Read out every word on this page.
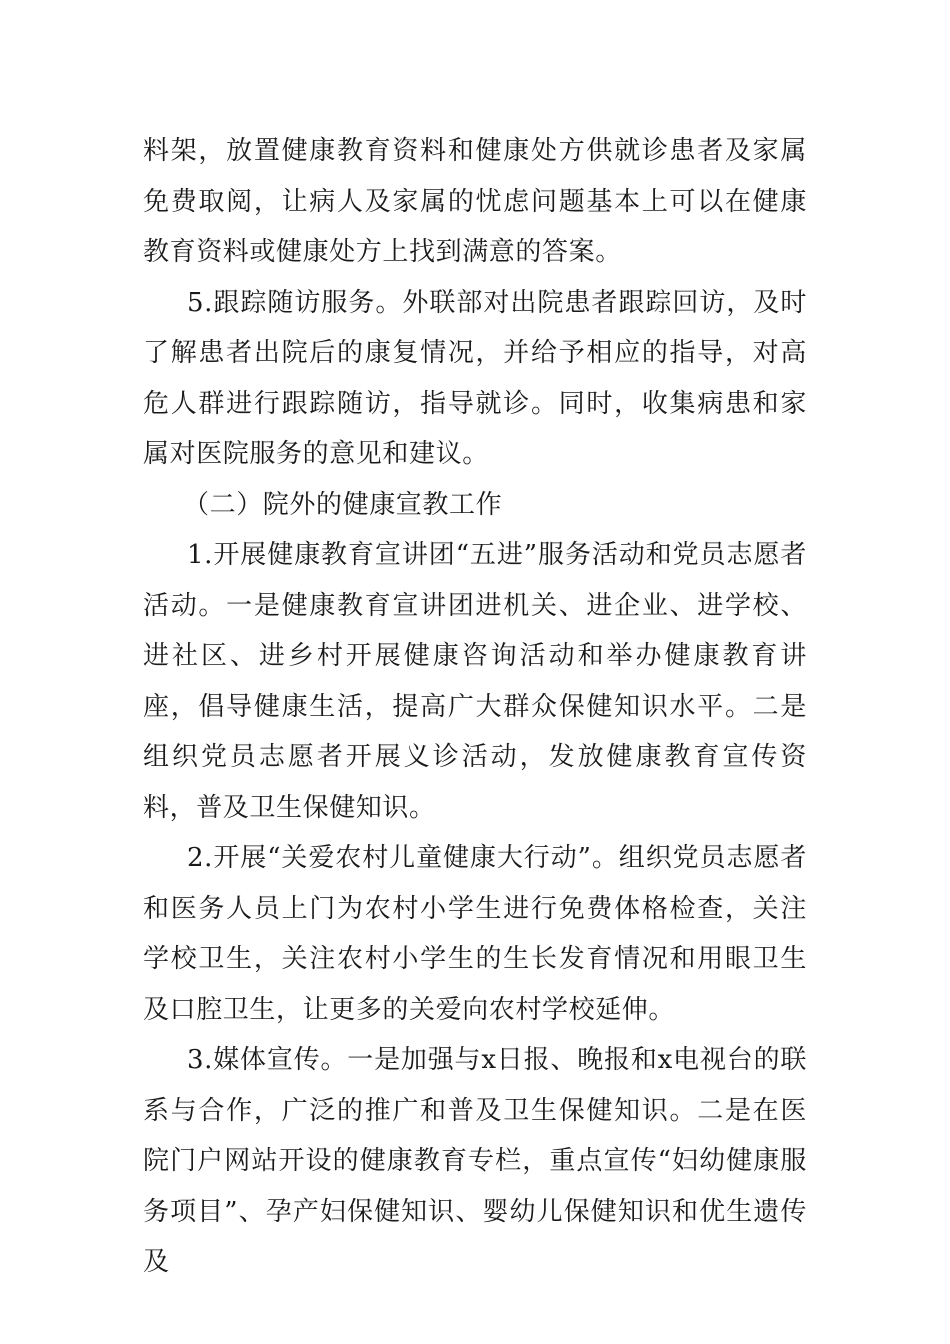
料架，放置健康教育资料和健康处方供就诊患者及家属免费取阅，让病人及家属的忧虑问题基本上可以在健康教育资料或健康处方上找到满意的答案。

5.跟踪随访服务。外联部对出院患者跟踪回访，及时了解患者出院后的康复情况，并给予相应的指导，对高危人群进行跟踪随访，指导就诊。同时，收集病患和家属对医院服务的意见和建议。

（二）院外的健康宣教工作

1.开展健康教育宣讲团“五进”服务活动和党员志愿者活动。一是健康教育宣讲团进机关、进企业、进学校、进社区、进乡村开展健康咨询活动和举办健康教育讲座，倡导健康生活，提高广大群众保健知识水平。二是组织党员志愿者开展义诊活动，发放健康教育宣传资料，普及卫生保健知识。

2.开展“关爱农村儿童健康大行动”。组织党员志愿者和医务人员上门为农村小学生进行免费体格检查，关注学校卫生，关注农村小学生的生长发育情况和用眼卫生及口腔卫生，让更多的关爱向农村学校延伸。

3.媒体宣传。一是加强与x日报、晚报和x电视台的联系与合作，广泛的推广和普及卫生保健知识。二是在医院门户网站开设的健康教育专栏，重点宣传“妇幼健康服务项目”、孕产妇保健知识、婴幼儿保健知识和优生遗传及
